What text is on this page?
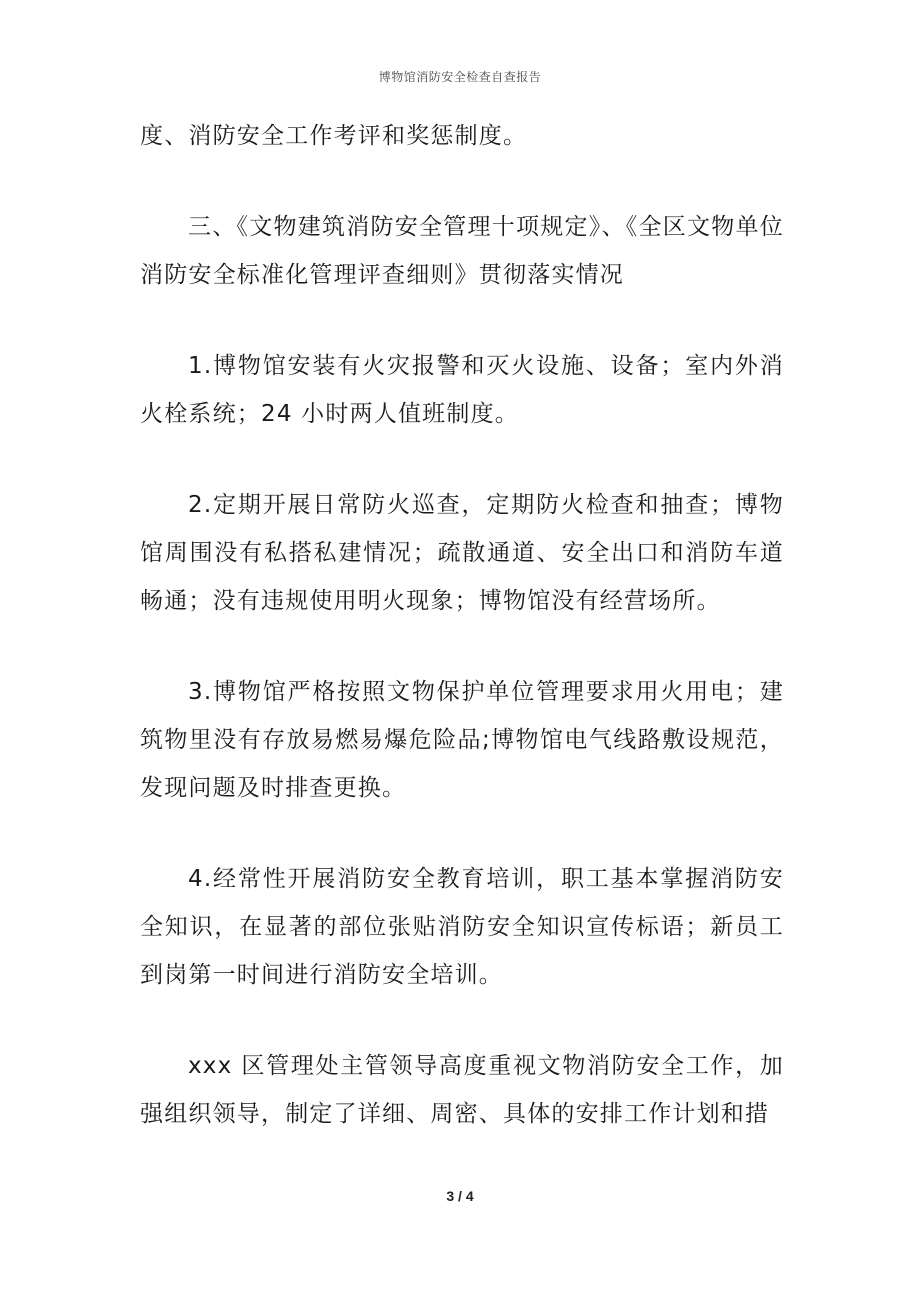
博物馆消防安全检查自查报告

度、消防安全工作考评和奖惩制度。

三、《文物建筑消防安全管理十项规定》、《全区文物单位消防安全标准化管理评查细则》贯彻落实情况

1.博物馆安装有火灾报警和灭火设施、设备；室内外消火栓系统；24 小时两人值班制度。

2.定期开展日常防火巡查，定期防火检查和抽查；博物馆周围没有私搭私建情况；疏散通道、安全出口和消防车道畅通；没有违规使用明火现象；博物馆没有经营场所。

3.博物馆严格按照文物保护单位管理要求用火用电；建筑物里没有存放易燃易爆危险品;博物馆电气线路敷设规范，发现问题及时排查更换。

4.经常性开展消防安全教育培训，职工基本掌握消防安全知识，在显著的部位张贴消防安全知识宣传标语；新员工到岗第一时间进行消防安全培训。

xxx 区管理处主管领导高度重视文物消防安全工作，加强组织领导，制定了详细、周密、具体的安排工作计划和措

3 / 4
